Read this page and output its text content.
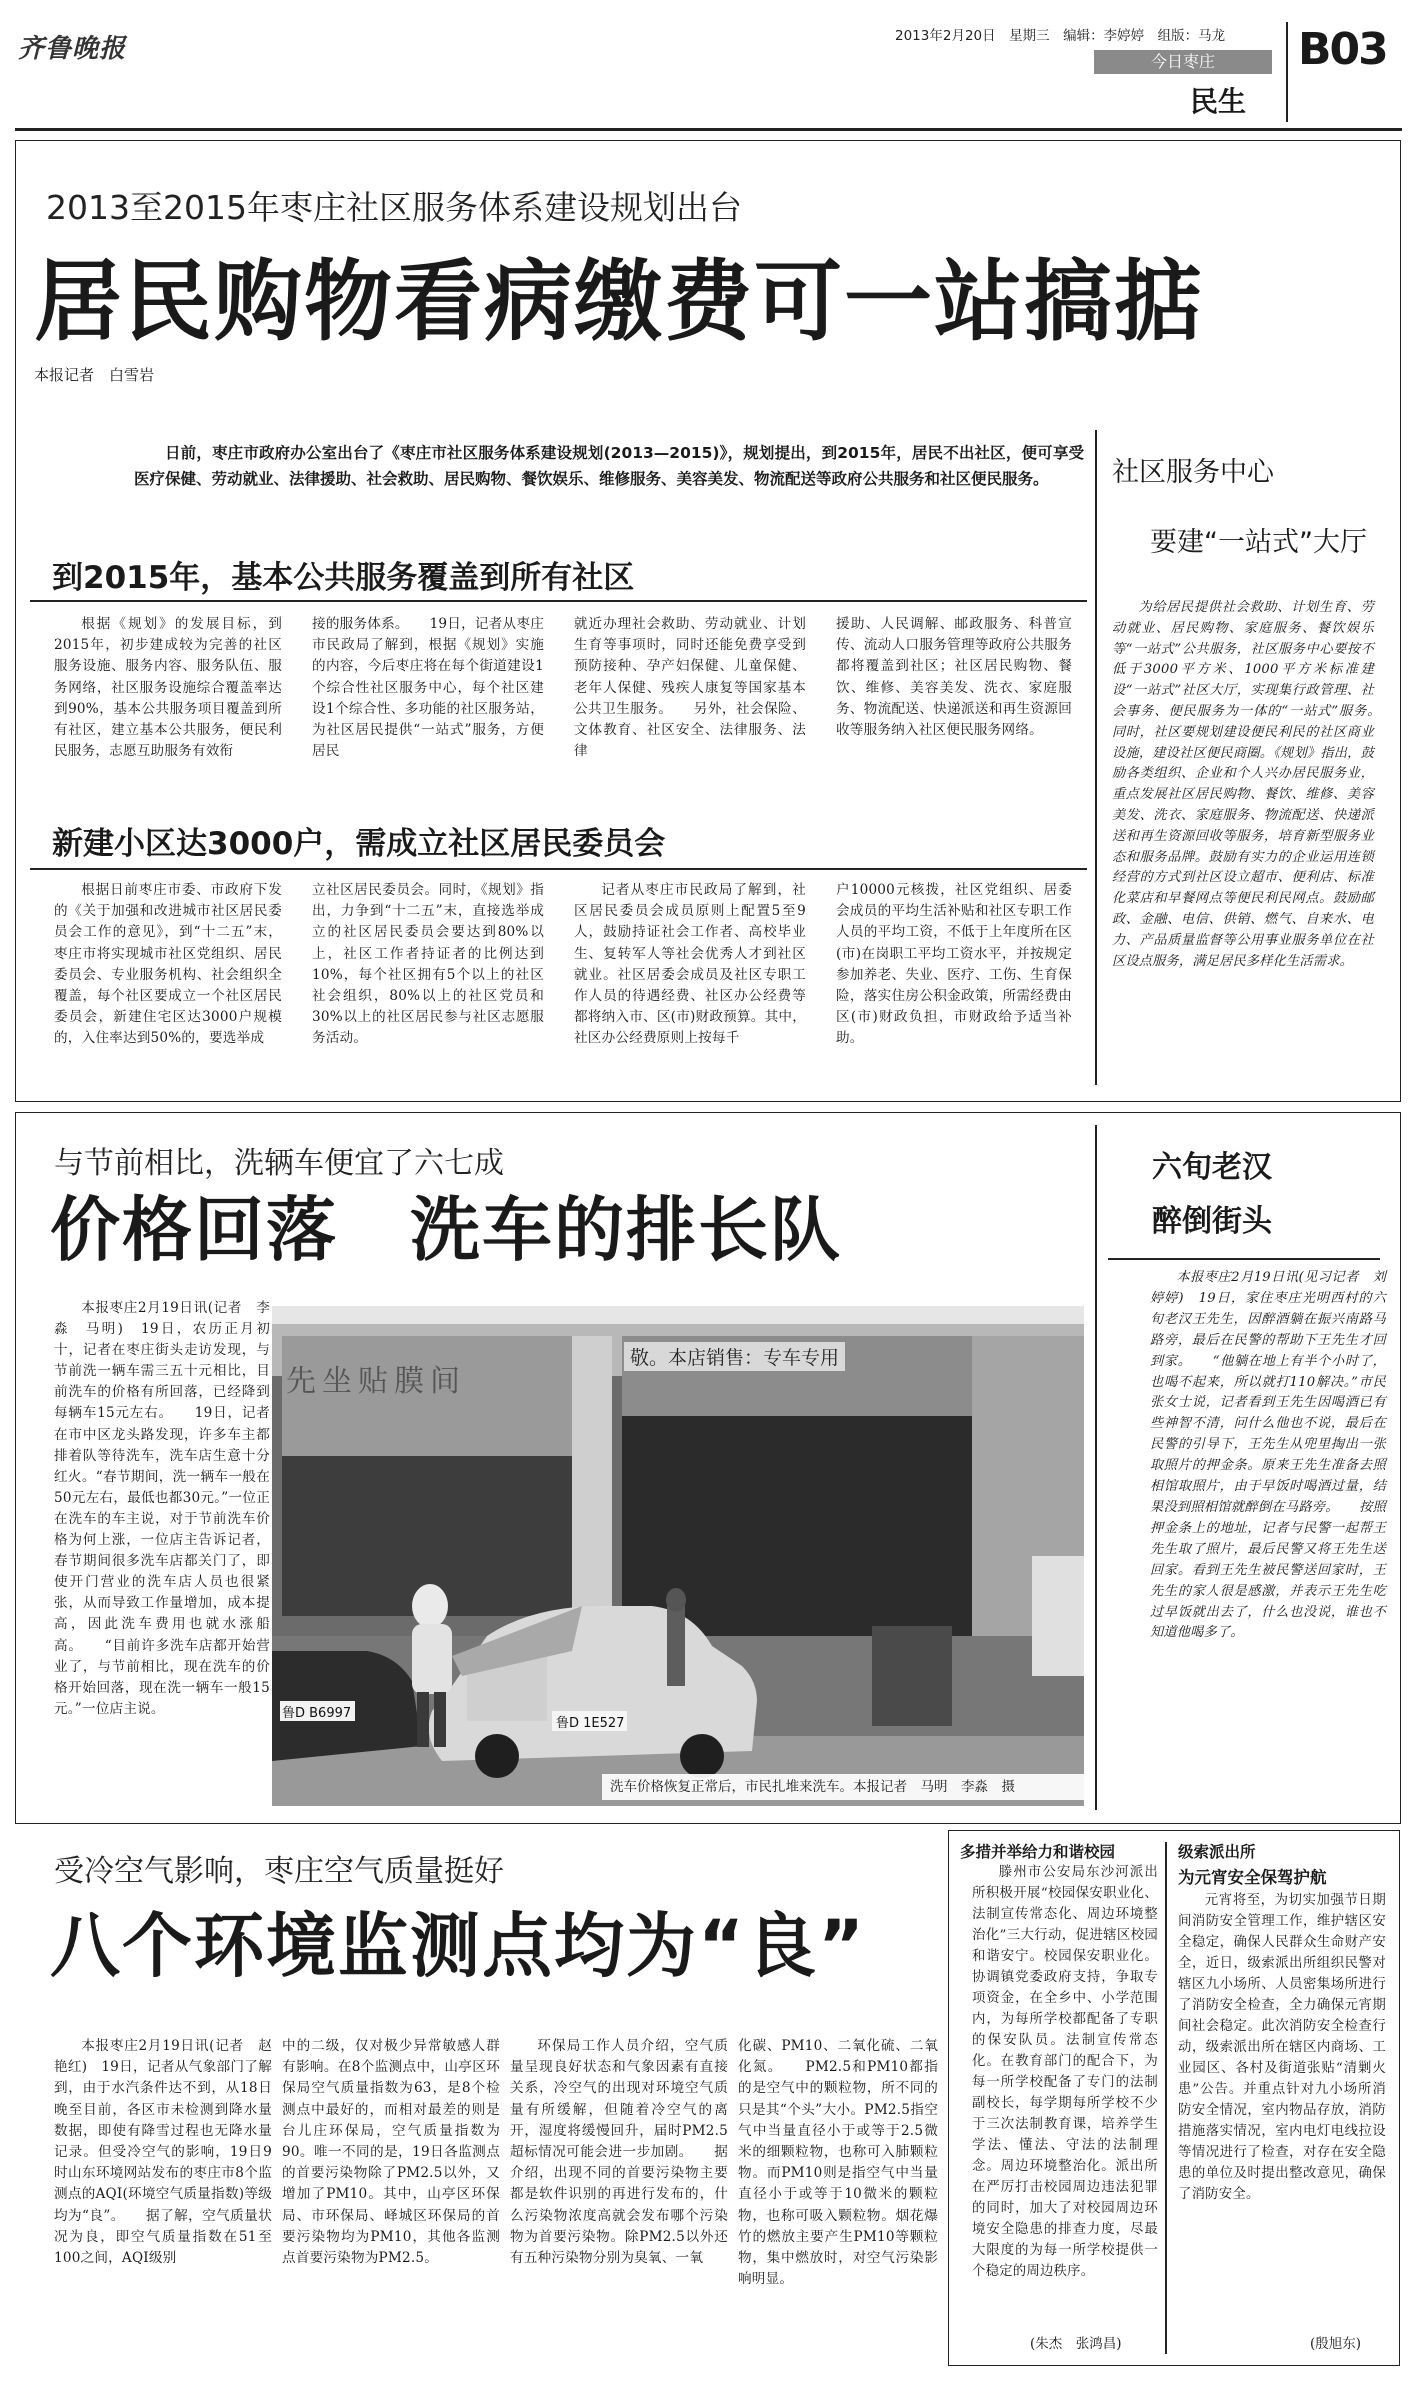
齐鲁晚报	2013年2月20日　星期三　编辑：李婷婷　组版：马龙
今日枣庄
民生
B03
2013至2015年枣庄社区服务体系建设规划出台
居民购物看病缴费可一站搞掂
本报记者　白雪岩
日前，枣庄市政府办公室出台了《枣庄市社区服务体系建设规划(2013—2015)》，规划提出，到2015年，居民不出社区，便可享受医疗保健、劳动就业、法律援助、社会救助、居民购物、餐饮娱乐、维修服务、美容美发、物流配送等政府公共服务和社区便民服务。
到2015年，基本公共服务覆盖到所有社区
根据《规划》的发展目标，到2015年，初步建成较为完善的社区服务设施、服务内容、服务队伍、服务网络，社区服务设施综合覆盖率达到90%，基本公共服务项目覆盖到所有社区，建立基本公共服务，便民利民服务，志愿互助服务有效衔
接的服务体系。　　19日，记者从枣庄市民政局了解到，根据《规划》实施的内容，今后枣庄将在每个街道建设1个综合性社区服务中心，每个社区建设1个综合性、多功能的社区服务站，为社区居民提供“一站式”服务，方便居民
就近办理社会救助、劳动就业、计划生育等事项时，同时还能免费享受到预防接种、孕产妇保健、儿童保健、老年人保健、残疾人康复等国家基本公共卫生服务。　　另外，社会保险、文体教育、社区安全、法律服务、法律
援助、人民调解、邮政服务、科普宣传、流动人口服务管理等政府公共服务都将覆盖到社区；社区居民购物、餐饮、维修、美容美发、洗衣、家庭服务、物流配送、快递派送和再生资源回收等服务纳入社区便民服务网络。
新建小区达3000户，需成立社区居民委员会
根据日前枣庄市委、市政府下发的《关于加强和改进城市社区居民委员会工作的意见》，到“十二五”末，枣庄市将实现城市社区党组织、居民委员会、专业服务机构、社会组织全覆盖，每个社区要成立一个社区居民委员会，新建住宅区达3000户规模的，入住率达到50%的，要选举成
立社区居民委员会。同时，《规划》指出，力争到“十二五”末，直接选举成立的社区居民委员会要达到80%以上，社区工作者持证者的比例达到10%，每个社区拥有5个以上的社区社会组织，80%以上的社区党员和30%以上的社区居民参与社区志愿服务活动。
记者从枣庄市民政局了解到，社区居民委员会成员原则上配置5至9人，鼓励持证社会工作者、高校毕业生、复转军人等社会优秀人才到社区就业。社区居委会成员及社区专职工作人员的待遇经费、社区办公经费等都将纳入市、区(市)财政预算。其中，社区办公经费原则上按每千
户10000元核拨，社区党组织、居委会成员的平均生活补贴和社区专职工作人员的平均工资，不低于上年度所在区(市)在岗职工平均工资水平，并按规定参加养老、失业、医疗、工伤、生育保险，落实住房公积金政策，所需经费由区(市)财政负担，市财政给予适当补助。
社区服务中心
要建“一站式”大厅
为给居民提供社会救助、计划生育、劳动就业、居民购物、家庭服务、餐饮娱乐等“一站式”公共服务，社区服务中心要按不低于3000平方米、1000平方米标准建设“一站式”社区大厅，实现集行政管理、社会事务、便民服务为一体的“一站式”服务。　　同时，社区要规划建设便民利民的社区商业设施，建设社区便民商圈。《规划》指出，鼓励各类组织、企业和个人兴办居民服务业，重点发展社区居民购物、餐饮、维修、美容美发、洗衣、家庭服务、物流配送、快递派送和再生资源回收等服务，培育新型服务业态和服务品牌。鼓励有实力的企业运用连锁经营的方式到社区设立超市、便利店、标准化菜店和早餐网点等便民利民网点。鼓励邮政、金融、电信、供销、燃气、自来水、电力、产品质量监督等公用事业服务单位在社区设点服务，满足居民多样化生活需求。
与节前相比，洗辆车便宜了六七成
价格回落　洗车的排长队
本报枣庄2月19日讯(记者　李淼　马明)　19日，农历正月初十，记者在枣庄街头走访发现，与节前洗一辆车需三五十元相比，目前洗车的价格有所回落，已经降到每辆车15元左右。　　19日，记者在市中区龙头路发现，许多车主都排着队等待洗车，洗车店生意十分红火。“春节期间，洗一辆车一般在50元左右，最低也都30元。”一位正在洗车的车主说，对于节前洗车价格为何上涨，一位店主告诉记者，春节期间很多洗车店都关门了，即使开门营业的洗车店人员也很紧张，从而导致工作量增加，成本提高，因此洗车费用也就水涨船高。　　“目前许多洗车店都开始营业了，与节前相比，现在洗车的价格开始回落，现在洗一辆车一般15元。”一位店主说。
先坐贴膜间
敬。本店销售：专车专用
鲁D B6997
鲁D 1E527
洗车价格恢复正常后，市民扎堆来洗车。本报记者　马明　李淼　摄
六旬老汉
醉倒街头
本报枣庄2月19日讯(见习记者　刘婷婷)　19日，家住枣庄光明西村的六旬老汉王先生，因醉酒躺在振兴南路马路旁，最后在民警的帮助下王先生才回到家。　　“他躺在地上有半个小时了，也喝不起来，所以就打110解决。”市民张女士说，记者看到王先生因喝酒已有些神智不清，问什么他也不说，最后在民警的引导下，王先生从兜里掏出一张取照片的押金条。原来王先生准备去照相馆取照片，由于早饭时喝酒过量，结果没到照相馆就醉倒在马路旁。　　按照押金条上的地址，记者与民警一起帮王先生取了照片，最后民警又将王先生送回家。看到王先生被民警送回家时，王先生的家人很是感激，并表示王先生吃过早饭就出去了，什么也没说，谁也不知道他喝多了。
受冷空气影响，枣庄空气质量挺好
八个环境监测点均为“良”
本报枣庄2月19日讯(记者　赵艳红)　19日，记者从气象部门了解到，由于水汽条件达不到，从18日晚至目前，各区市未检测到降水量数据，即使有降雪过程也无降水量记录。但受冷空气的影响，19日9时山东环境网站发布的枣庄市8个监测点的AQI(环境空气质量指数)等级均为“良”。　　据了解，空气质量状况为良，即空气质量指数在51至100之间，AQI级别
中的二级，仅对极少异常敏感人群有影响。在8个监测点中，山亭区环保局空气质量指数为63，是8个检测点中最好的，而相对最差的则是台儿庄环保局，空气质量指数为90。唯一不同的是，19日各监测点的首要污染物除了PM2.5以外，又增加了PM10。其中，山亭区环保局、市环保局、峄城区环保局的首要污染物均为PM10，其他各监测点首要污染物为PM2.5。
环保局工作人员介绍，空气质量呈现良好状态和气象因素有直接关系，冷空气的出现对环境空气质量有所缓解，但随着冷空气的离开，湿度将缓慢回升，届时PM2.5超标情况可能会进一步加剧。　　据介绍，出现不同的首要污染物主要都是软件识别的再进行发布的，什么污染物浓度高就会发布哪个污染物为首要污染物。除PM2.5以外还有五种污染物分别为臭氧、一氧
化碳、PM10、二氧化硫、二氧化氮。　　PM2.5和PM10都指的是空气中的颗粒物，所不同的只是其“个头”大小。PM2.5指空气中当量直径小于或等于2.5微米的细颗粒物，也称可入肺颗粒物。而PM10则是指空气中当量直径小于或等于10微米的颗粒物，也称可吸入颗粒物。烟花爆竹的燃放主要产生PM10等颗粒物，集中燃放时，对空气污染影响明显。
多措并举给力和谐校园
滕州市公安局东沙河派出所积极开展“校园保安职业化、法制宣传常态化、周边环境整治化”三大行动，促进辖区校园和谐安宁。校园保安职业化。协调镇党委政府支持，争取专项资金，在全乡中、小学范围内，为每所学校都配备了专职的保安队员。法制宣传常态化。在教育部门的配合下，为每一所学校配备了专门的法制副校长，每学期每所学校不少于三次法制教育课，培养学生学法、懂法、守法的法制理念。周边环境整治化。派出所在严厉打击校园周边违法犯罪的同时，加大了对校园周边环境安全隐患的排查力度，尽最大限度的为每一所学校提供一个稳定的周边秩序。
(朱杰　张鸿昌)
级索派出所
为元宵安全保驾护航
元宵将至，为切实加强节日期间消防安全管理工作，维护辖区安全稳定，确保人民群众生命财产安全，近日，级索派出所组织民警对辖区九小场所、人员密集场所进行了消防安全检查，全力确保元宵期间社会稳定。此次消防安全检查行动，级索派出所在辖区内商场、工业园区、各村及街道张贴“清剿火患”公告。并重点针对九小场所消防安全情况，室内物品存放，消防措施落实情况，室内电灯电线拉设等情况进行了检查，对存在安全隐患的单位及时提出整改意见，确保了消防安全。
(殷旭东)
